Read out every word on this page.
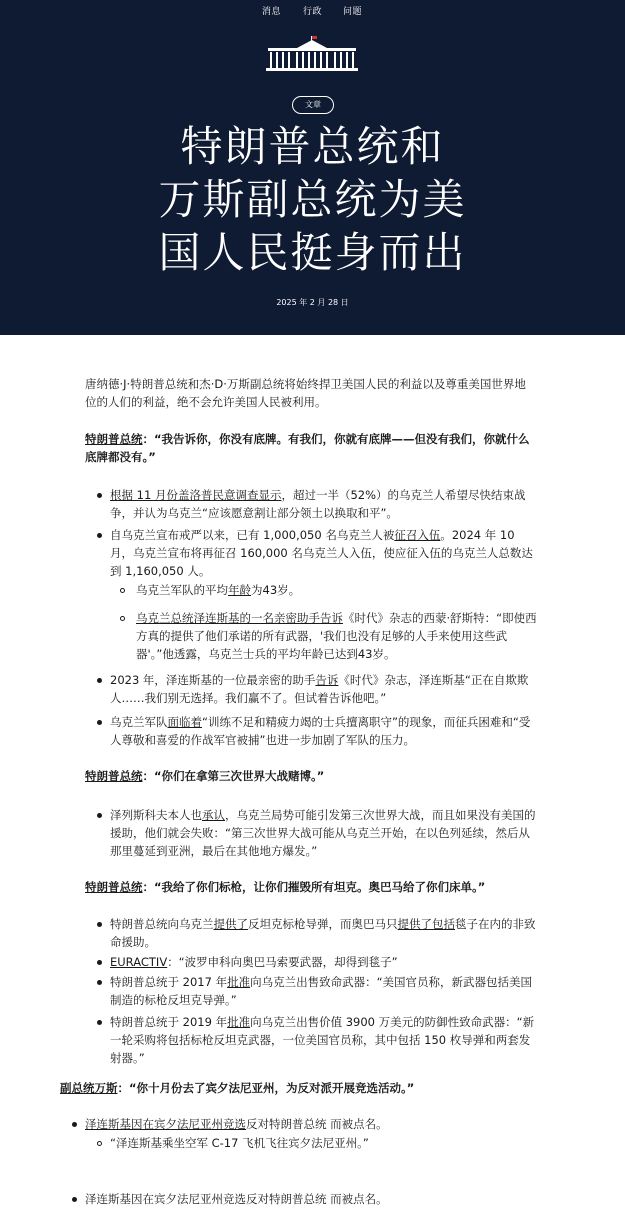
消息 行政 问题
文章
特朗普总统和
万斯副总统为美
国人民挺身而出
2025 年 2 月 28 日
唐纳德·J·特朗普总统和杰·D·万斯副总统将始终捍卫美国人民的利益以及尊重美国世界地位的人们的利益，绝不会允许美国人民被利用。
特朗普总统：“我告诉你，你没有底牌。有我们，你就有底牌——但没有我们，你就什么底牌都没有。”
根据 11 月份盖洛普民意调查显示，超过一半（52%）的乌克兰人希望尽快结束战争，并认为乌克兰“应该愿意割让部分领土以换取和平”。
自乌克兰宣布戒严以来，已有 1,000,050 名乌克兰人被征召入伍。2024 年 10 月，乌克兰宣布将再征召 160,000 名乌克兰人入伍，使应征入伍的乌克兰人总数达到 1,160,050 人。
乌克兰军队的平均年龄为43岁。
乌克兰总统泽连斯基的一名亲密助手告诉《时代》杂志的西蒙·舒斯特：“即使西方真的提供了他们承诺的所有武器，'我们也没有足够的人手来使用这些武器'。”他透露，乌克兰士兵的平均年龄已达到43岁。
2023 年，泽连斯基的一位最亲密的助手告诉《时代》杂志，泽连斯基“正在自欺欺人……我们别无选择。我们赢不了。但试着告诉他吧。”
乌克兰军队面临着“训练不足和精疲力竭的士兵擅离职守”的现象，而征兵困难和“受人尊敬和喜爱的作战军官被捕”也进一步加剧了军队的压力。
特朗普总统：“你们在拿第三次世界大战赌博。”
泽列斯科夫本人也承认，乌克兰局势可能引发第三次世界大战，而且如果没有美国的援助，他们就会失败：“第三次世界大战可能从乌克兰开始，在以色列延续，然后从那里蔓延到亚洲，最后在其他地方爆发。”
特朗普总统：“我给了你们标枪，让你们摧毁所有坦克。奥巴马给了你们床单。”
特朗普总统向乌克兰提供了反坦克标枪导弹，而奥巴马只提供了包括毯子在内的非致命援助。
EURACTIV：“波罗申科向奥巴马索要武器，却得到毯子”
特朗普总统于 2017 年批准向乌克兰出售致命武器：“美国官员称，新武器包括美国制造的标枪反坦克导弹。”
特朗普总统于 2019 年批准向乌克兰出售价值 3900 万美元的防御性致命武器：“新一轮采购将包括标枪反坦克武器，一位美国官员称，其中包括 150 枚导弹和两套发射器。”
副总统万斯：“你十月份去了宾夕法尼亚州，为反对派开展竞选活动。”
泽连斯基因在宾夕法尼亚州竞选反对特朗普总统 而被点名。
“泽连斯基乘坐空军 C-17 飞机飞往宾夕法尼亚州。”
泽连斯基因在宾夕法尼亚州竞选反对特朗普总统 而被点名。
